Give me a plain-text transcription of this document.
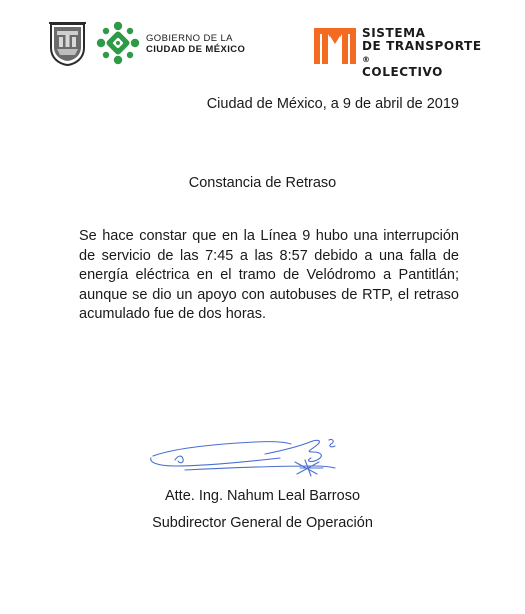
GOBIERNO DE LA
CIUDAD DE MÉXICO
SISTEMA
DE TRANSPORTE
®
COLECTIVO
Ciudad de México, a 9 de abril de 2019
Constancia de Retraso
Se hace constar que en la Línea 9 hubo una interrupción de servicio de las 7:45 a las 8:57 debido a una falla de energía eléctrica en el tramo de Velódromo a Pantitlán; aunque se dio un apoyo con autobuses de RTP, el retraso acumulado fue de dos horas.
Atte. Ing. Nahum Leal Barroso
Subdirector General de Operación
